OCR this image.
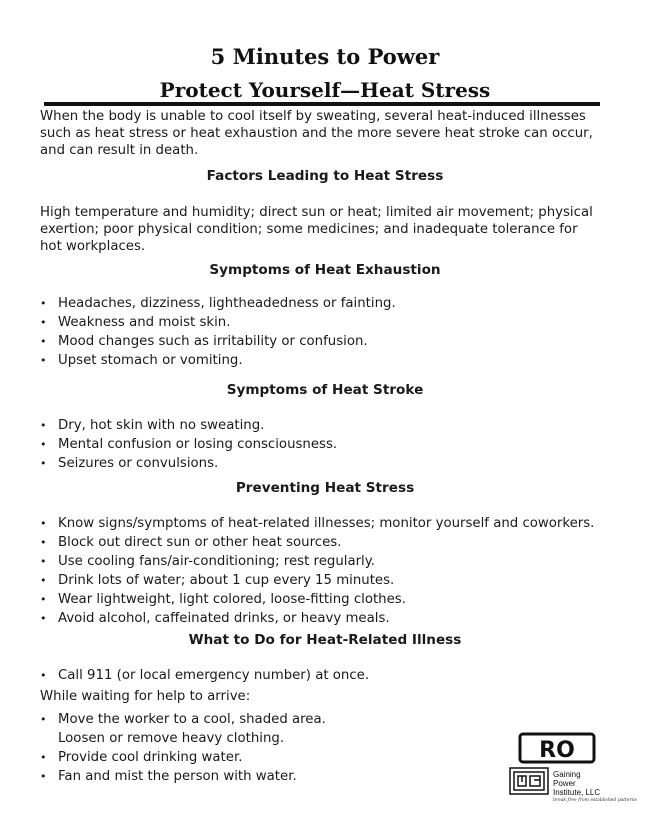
5 Minutes to Power
Protect Yourself—Heat Stress
When the body is unable to cool itself by sweating, several heat-induced illnesses such as heat stress or heat exhaustion and the more severe heat stroke can occur, and can result in death.
Factors Leading to Heat Stress
High temperature and humidity; direct sun or heat; limited air movement; physical exertion; poor physical condition; some medicines; and inadequate tolerance for hot workplaces.
Symptoms of Heat Exhaustion
• Headaches, dizziness, lightheadedness or fainting.
• Weakness and moist skin.
• Mood changes such as irritability or confusion.
• Upset stomach or vomiting.
Symptoms of Heat Stroke
• Dry, hot skin with no sweating.
• Mental confusion or losing consciousness.
• Seizures or convulsions.
Preventing Heat Stress
• Know signs/symptoms of heat-related illnesses; monitor yourself and coworkers.
• Block out direct sun or other heat sources.
• Use cooling fans/air-conditioning; rest regularly.
• Drink lots of water; about 1 cup every 15 minutes.
• Wear lightweight, light colored, loose-fitting clothes.
• Avoid alcohol, caffeinated drinks, or heavy meals.
What to Do for Heat-Related Illness
• Call 911 (or local emergency number) at once.
While waiting for help to arrive:
• Move the worker to a cool, shaded area.
Loosen or remove heavy clothing.
• Provide cool drinking water.
• Fan and mist the person with water.
RO
Gaining
Power
Institute, LLC
break free from established patterns
